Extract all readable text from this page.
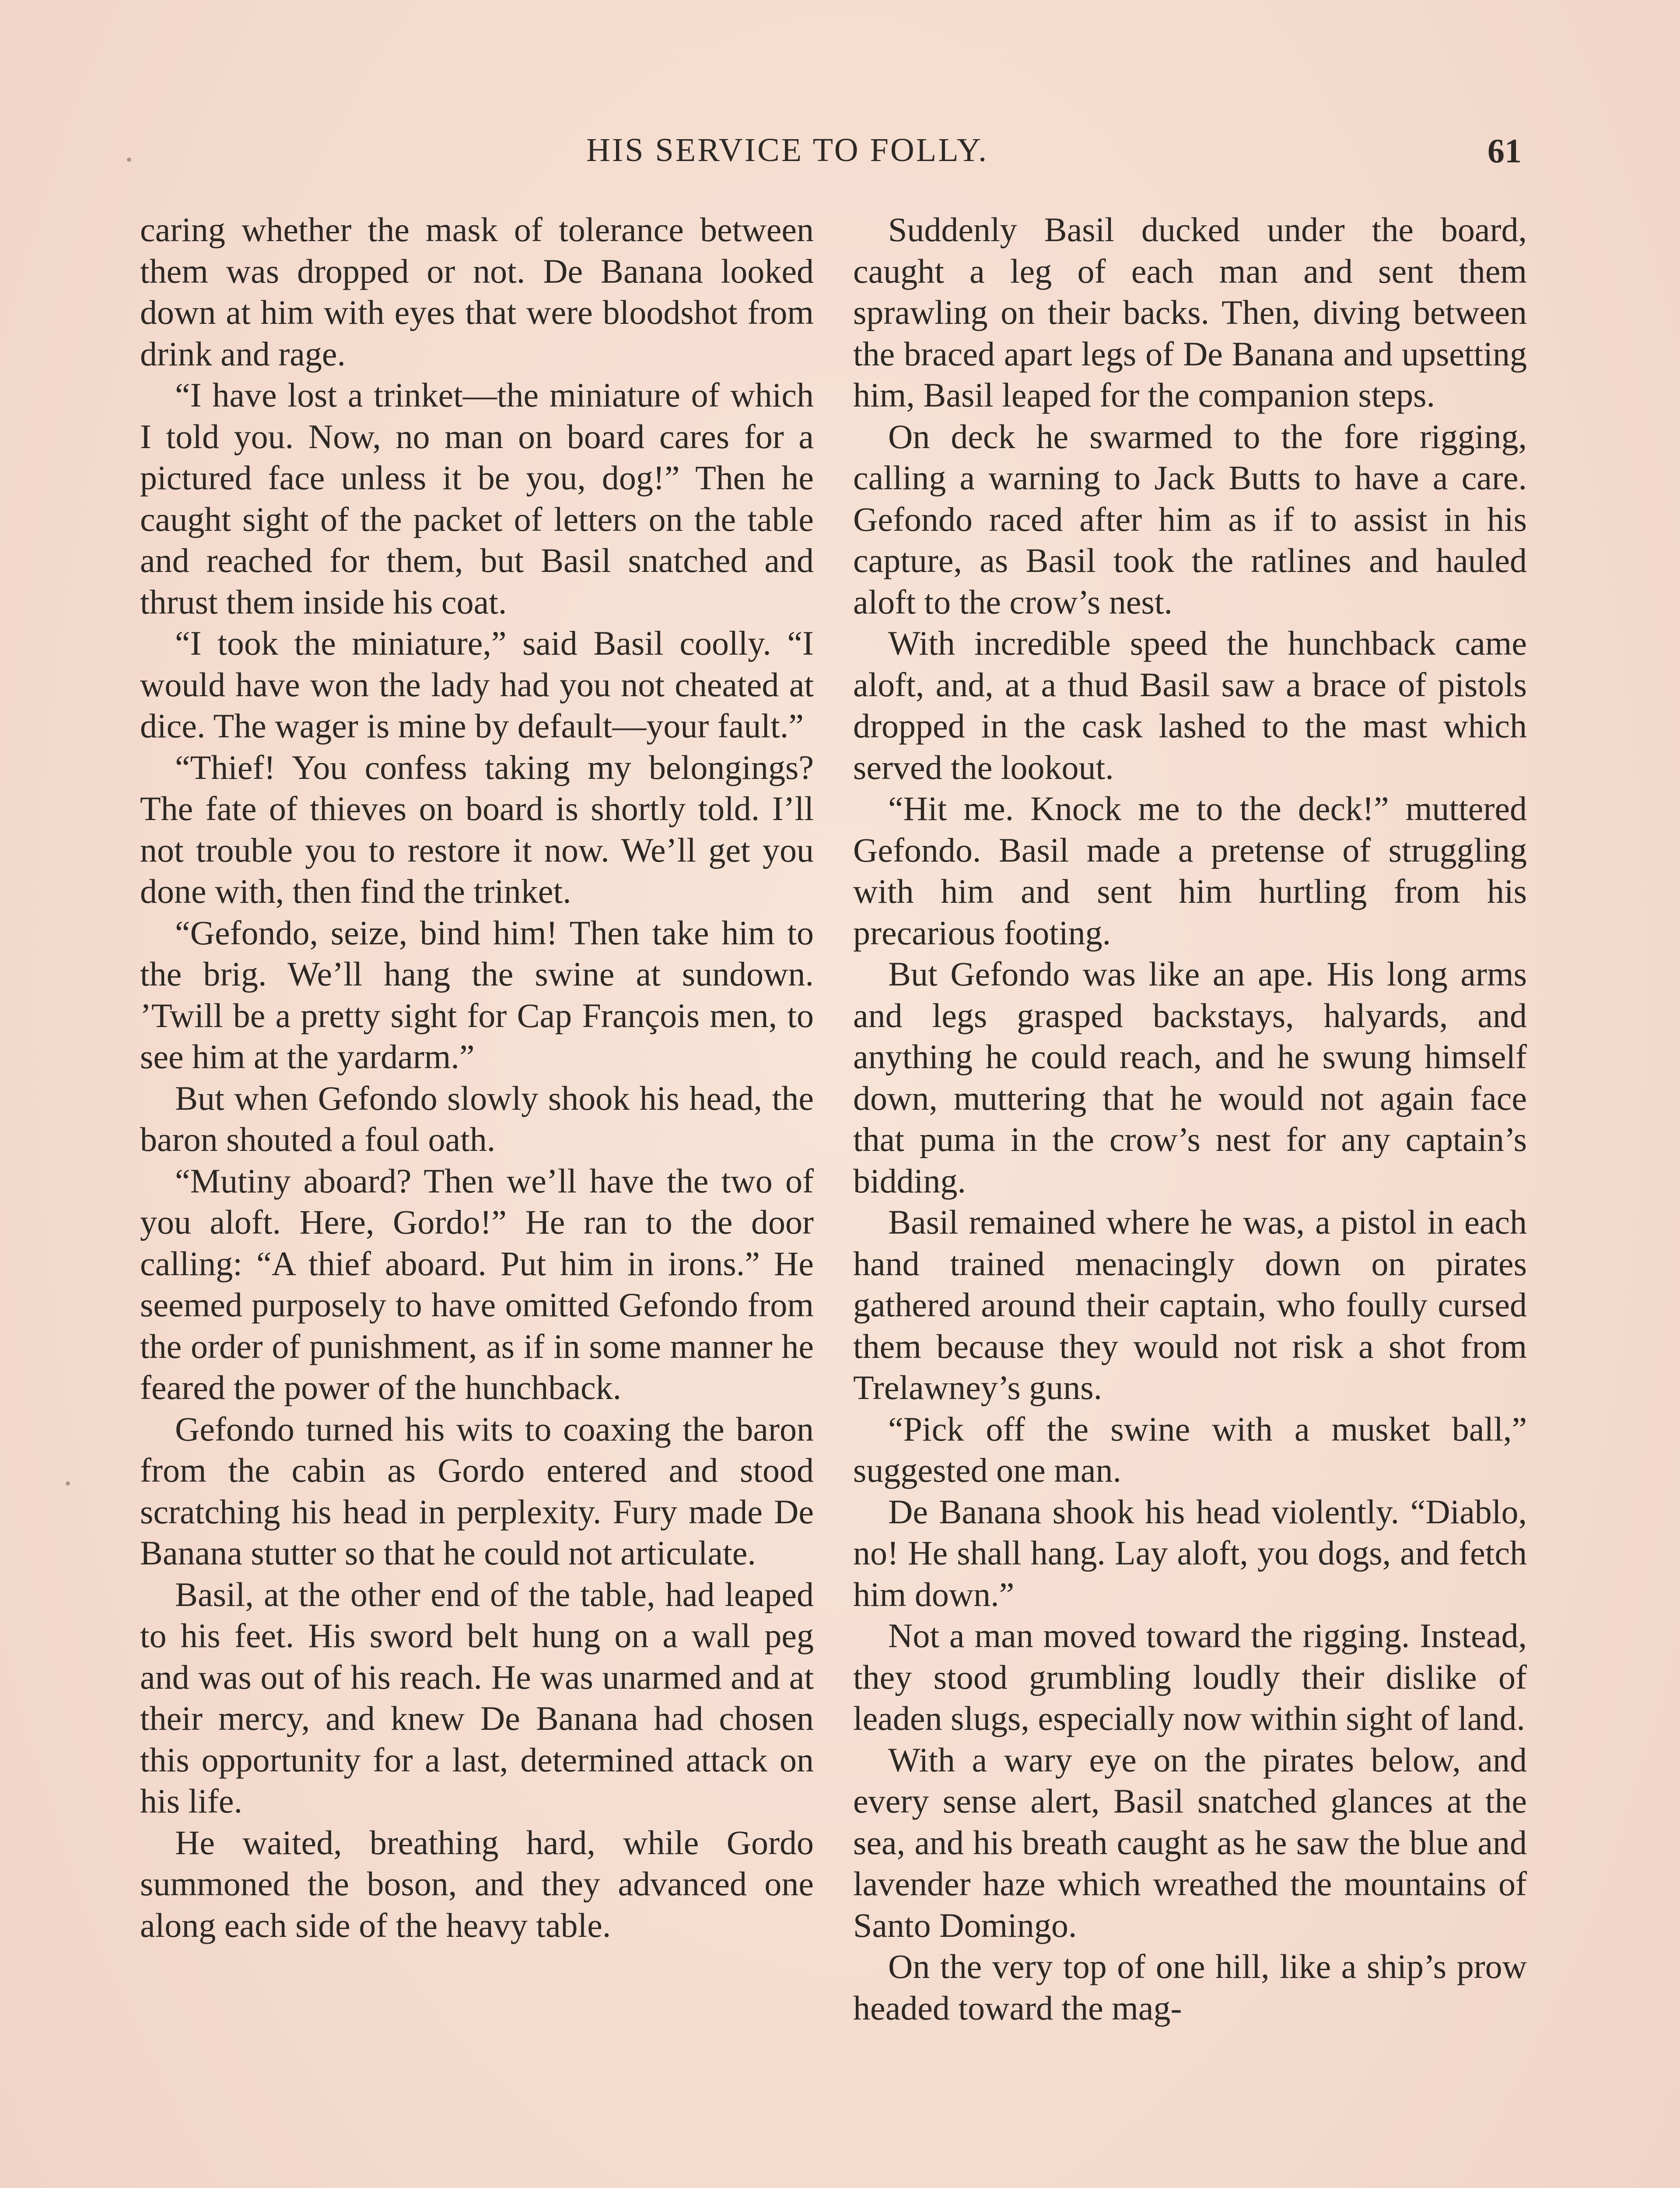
HIS SERVICE TO FOLLY.	61

caring whether the mask of tolerance between them was dropped or not. De Banana looked down at him with eyes that were bloodshot from drink and rage.

“I have lost a trinket—the miniature of which I told you. Now, no man on board cares for a pictured face unless it be you, dog!” Then he caught sight of the packet of letters on the table and reached for them, but Basil snatched and thrust them inside his coat.

“I took the miniature,” said Basil coolly. “I would have won the lady had you not cheated at dice. The wager is mine by default—your fault.”

“Thief! You confess taking my belongings? The fate of thieves on board is shortly told. I’ll not trouble you to restore it now. We’ll get you done with, then find the trinket.

“Gefondo, seize, bind him! Then take him to the brig. We’ll hang the swine at sundown. ’Twill be a pretty sight for Cap François men, to see him at the yardarm.”

But when Gefondo slowly shook his head, the baron shouted a foul oath.

“Mutiny aboard? Then we’ll have the two of you aloft. Here, Gordo!” He ran to the door calling: “A thief aboard. Put him in irons.” He seemed purposely to have omitted Gefondo from the order of punishment, as if in some manner he feared the power of the hunchback.

Gefondo turned his wits to coaxing the baron from the cabin as Gordo entered and stood scratching his head in perplexity. Fury made De Banana stutter so that he could not articulate.

Basil, at the other end of the table, had leaped to his feet. His sword belt hung on a wall peg and was out of his reach. He was unarmed and at their mercy, and knew De Banana had chosen this opportunity for a last, determined attack on his life.

He waited, breathing hard, while Gordo summoned the boson, and they advanced one along each side of the heavy table.

Suddenly Basil ducked under the board, caught a leg of each man and sent them sprawling on their backs. Then, diving between the braced apart legs of De Banana and upsetting him, Basil leaped for the companion steps.

On deck he swarmed to the fore rigging, calling a warning to Jack Butts to have a care. Gefondo raced after him as if to assist in his capture, as Basil took the ratlines and hauled aloft to the crow’s nest.

With incredible speed the hunchback came aloft, and, at a thud Basil saw a brace of pistols dropped in the cask lashed to the mast which served the lookout.

“Hit me. Knock me to the deck!” muttered Gefondo. Basil made a pretense of struggling with him and sent him hurtling from his precarious footing.

But Gefondo was like an ape. His long arms and legs grasped backstays, halyards, and anything he could reach, and he swung himself down, muttering that he would not again face that puma in the crow’s nest for any captain’s bidding.

Basil remained where he was, a pistol in each hand trained menacingly down on pirates gathered around their captain, who foully cursed them because they would not risk a shot from Trelawney’s guns.

“Pick off the swine with a musket ball,” suggested one man.

De Banana shook his head violently. “Diablo, no! He shall hang. Lay aloft, you dogs, and fetch him down.”

Not a man moved toward the rigging. Instead, they stood grumbling loudly their dislike of leaden slugs, especially now within sight of land.

With a wary eye on the pirates below, and every sense alert, Basil snatched glances at the sea, and his breath caught as he saw the blue and lavender haze which wreathed the mountains of Santo Domingo.

On the very top of one hill, like a ship’s prow headed toward the mag-
